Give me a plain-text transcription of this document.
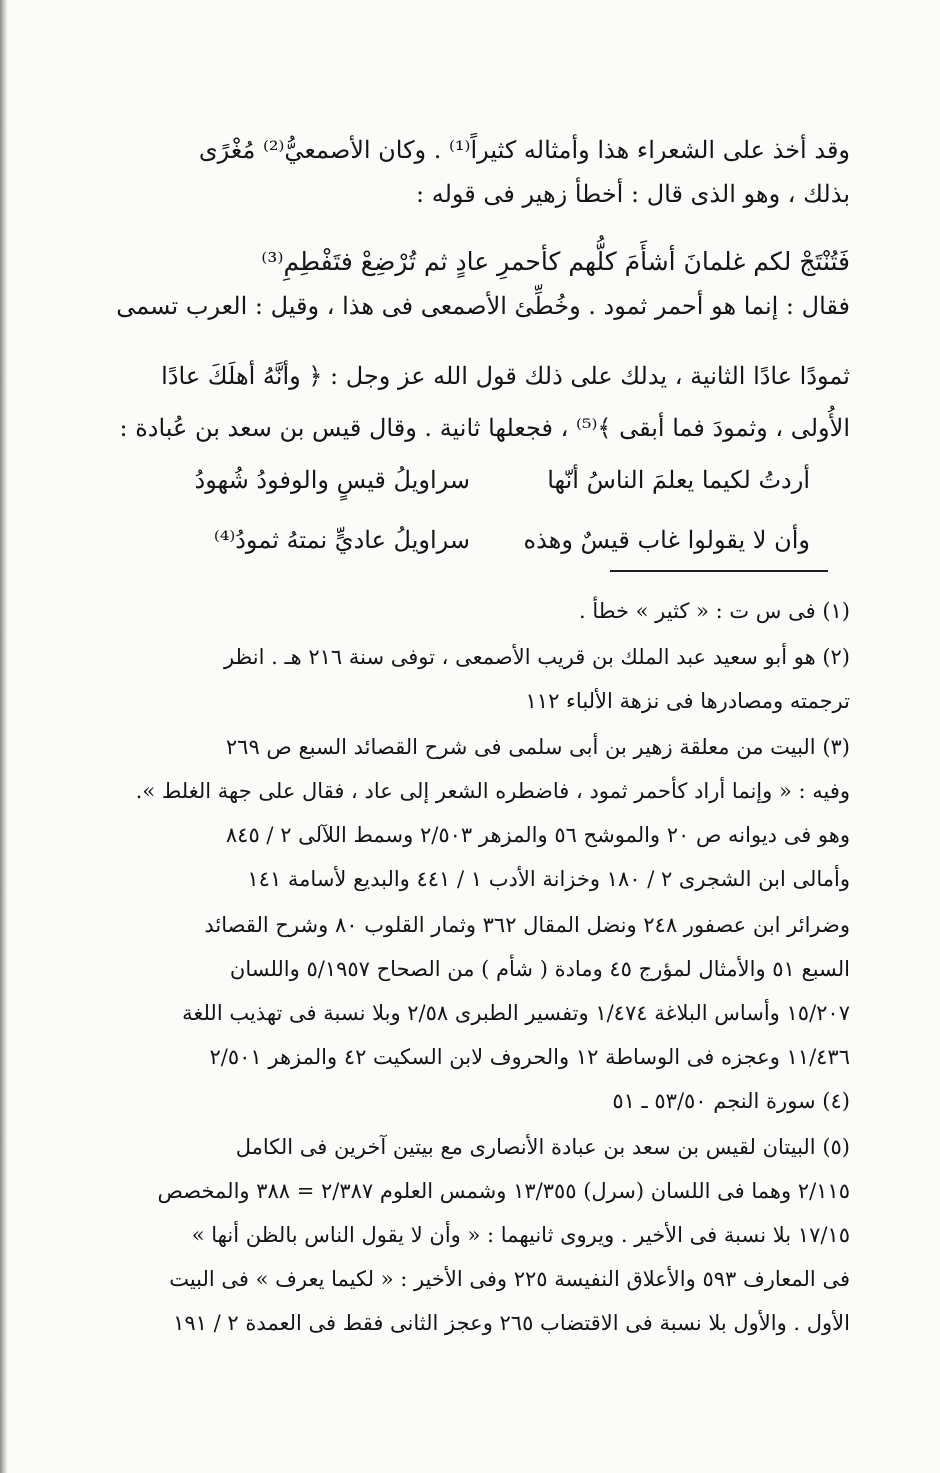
وقد أخذ على الشعراء هذا وأمثاله كثيراً⁽¹⁾ . وكان الأصمعيُّ⁽²⁾ مُغْرًى
بذلك ، وهو الذى قال : أخطأ زهير فى قوله :
فَتُنْتَجْ لكم غلمانَ أشأَمَ كلُّهم كأحمرِ عادٍ ثم تُرْضِعْ فتَفْطِمِ⁽³⁾
فقال : إنما هو أحمر ثمود . وخُطِّئ الأصمعى فى هذا ، وقيل : العرب تسمى
ثمودًا عادًا الثانية ، يدلك على ذلك قول الله عز وجل : ﴿ وأنَّهُ أهلَكَ عادًا
الأُولى ، وثمودَ فما أبقى ﴾⁽⁵⁾ ، فجعلها ثانية . وقال قيس بن سعد بن عُبادة :
أردتُ لكيما يعلمَ الناسُ أنّها
سراويلُ قيسٍ والوفودُ شُهودُ
وأن لا يقولوا غاب قيسٌ وهذه
سراويلُ عاديٍّ نمتهُ ثمودُ⁽⁴⁾
(١) فى س ت : « كثير » خطأ .
(٢) هو أبو سعيد عبد الملك بن قريب الأصمعى ، توفى سنة ٢١٦ هـ . انظر
ترجمته ومصادرها فى نزهة الألباء ١١٢
(٣) البيت من معلقة زهير بن أبى سلمى فى شرح القصائد السبع ص ٢٦٩
وفيه : « وإنما أراد كأحمر ثمود ، فاضطره الشعر إلى عاد ، فقال على جهة الغلط ».
وهو فى ديوانه ص ٢٠ والموشح ٥٦ والمزهر ٢/٥٠٣ وسمط اللآلى ٢ / ٨٤٥
وأمالى ابن الشجرى ٢ / ١٨٠ وخزانة الأدب ١ / ٤٤١ والبديع لأسامة ١٤١
وضرائر ابن عصفور ٢٤٨ ونضل المقال ٣٦٢ وثمار القلوب ٨٠ وشرح القصائد
السبع ٥١ والأمثال لمؤرج ٤٥ ومادة ( شأم ) من الصحاح ٥/١٩٥٧ واللسان
١٥/٢٠٧ وأساس البلاغة ١/٤٧٤ وتفسير الطبرى ٢/٥٨ وبلا نسبة فى تهذيب اللغة
١١/٤٣٦ وعجزه فى الوساطة ١٢ والحروف لابن السكيت ٤٢ والمزهر ٢/٥٠١
(٤) سورة النجم ٥٣/٥٠ ـ ٥١
(٥) البيتان لقيس بن سعد بن عبادة الأنصارى مع بيتين آخرين فى الكامل
٢/١١٥ وهما فى اللسان (سرل) ١٣/٣٥٥ وشمس العلوم ٢/٣٨٧ = ٣٨٨ والمخصص
١٧/١٥ بلا نسبة فى الأخير . ويروى ثانيهما : « وأن لا يقول الناس بالظن أنها »
فى المعارف ٥٩٣ والأعلاق النفيسة ٢٢٥ وفى الأخير : « لكيما يعرف » فى البيت
الأول . والأول بلا نسبة فى الاقتضاب ٢٦٥ وعجز الثانى فقط فى العمدة ٢ / ١٩١
